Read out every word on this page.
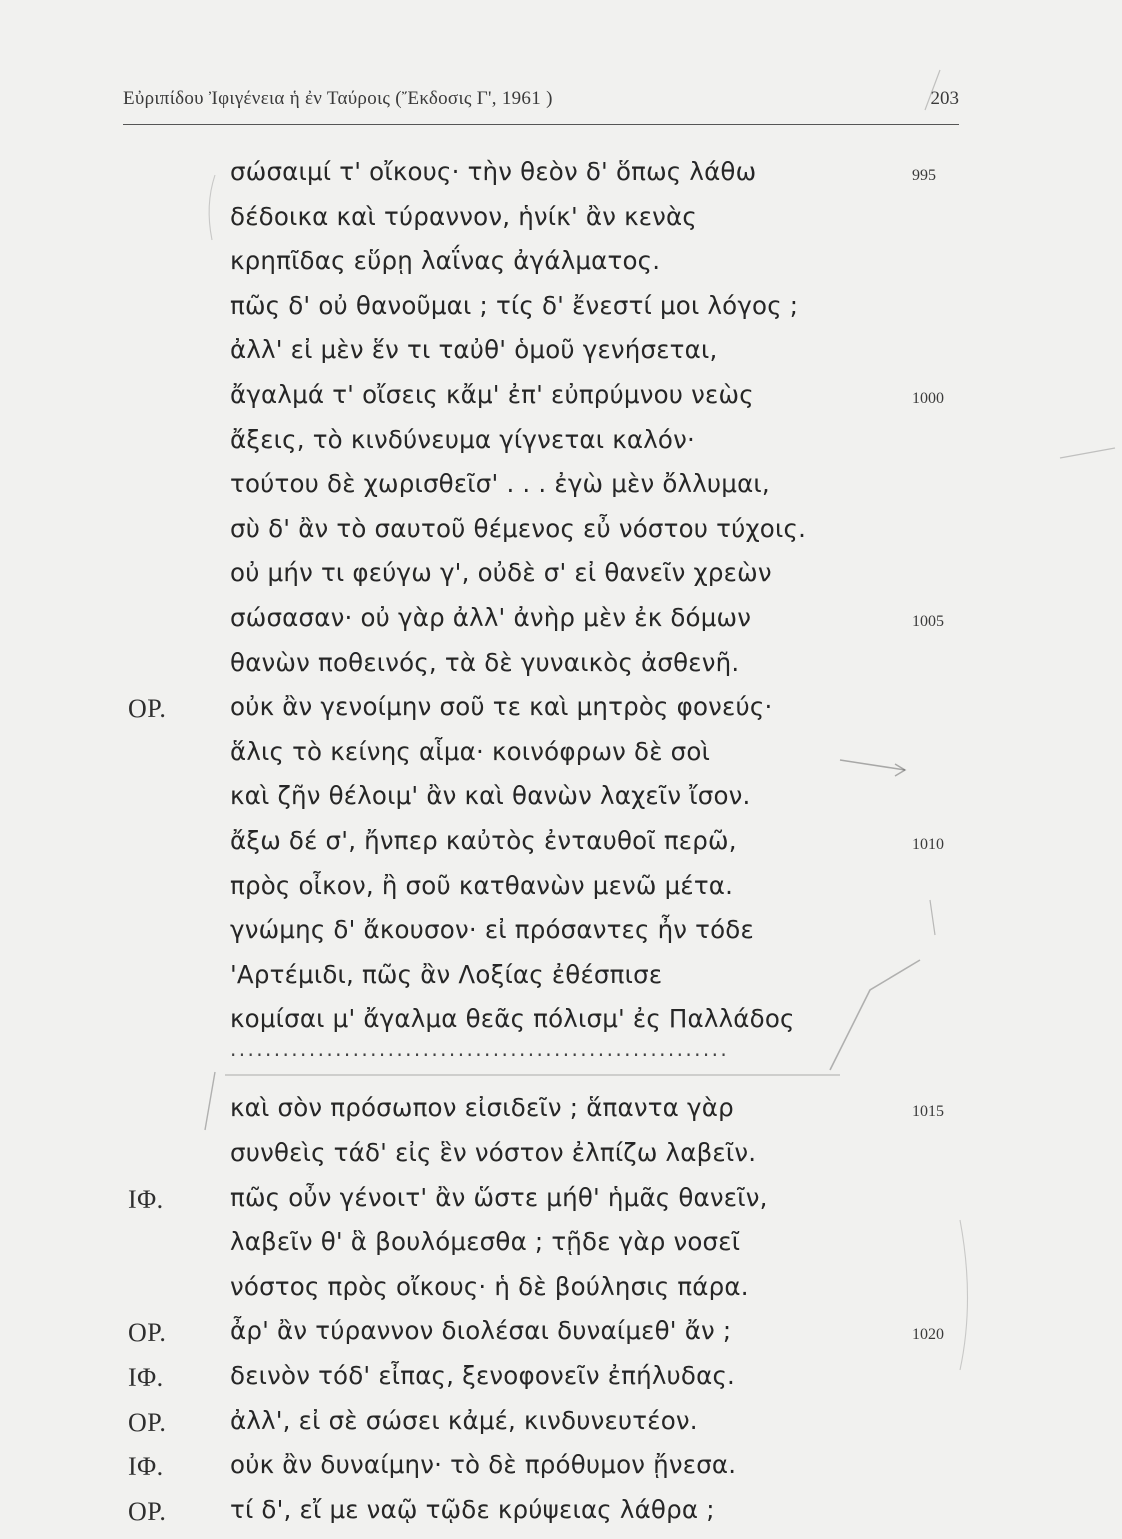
Εὐριπίδου Ἰφιγένεια ἡ ἐν Ταύροις (Ἔκδοσις Γ', 1961 )	203
σώσαιμί τ' οἴκους· τὴν θεὸν δ' ὅπως λάθω	995
δέδοικα καὶ τύραννον, ἡνίκ' ἂν κενὰς
κρηπῖδας εὕρῃ λαΐνας ἀγάλματος.
πῶς δ' οὐ θανοῦμαι ; τίς δ' ἔνεστί μοι λόγος ;
ἀλλ' εἰ μὲν ἕν τι ταὐθ' ὁμοῦ γενήσεται,
ἄγαλμά τ' οἴσεις κἄμ' ἐπ' εὐπρύμνου νεὼς	1000
ἄξεις, τὸ κινδύνευμα γίγνεται καλόν·
τούτου δὲ χωρισθεῖσ' . . . ἐγὼ μὲν ὄλλυμαι,
σὺ δ' ἂν τὸ σαυτοῦ θέμενος εὖ νόστου τύχοις.
οὐ μήν τι φεύγω γ', οὐδὲ σ' εἰ θανεῖν χρεὼν
σώσασαν· οὐ γὰρ ἀλλ' ἀνὴρ μὲν ἐκ δόμων	1005
θανὼν ποθεινός, τὰ δὲ γυναικὸς ἀσθενῆ.
ΟΡ.	οὐκ ἂν γενοίμην σοῦ τε καὶ μητρὸς φονεύς·
ἅλις τὸ κείνης αἷμα· κοινόφρων δὲ σοὶ
καὶ ζῆν θέλοιμ' ἂν καὶ θανὼν λαχεῖν ἴσον.
ἄξω δέ σ', ἤνπερ καὐτὸς ἐνταυθοῖ περῶ,	1010
πρὸς οἶκον, ἢ σοῦ κατθανὼν μενῶ μέτα.
γνώμης δ' ἄκουσον· εἰ πρόσαντες ἦν τόδε
'Αρτέμιδι, πῶς ἂν Λοξίας ἐθέσπισε
κομίσαι μ' ἄγαλμα θεᾶς πόλισμ' ἐς Παλλάδος
.........................................................
καὶ σὸν πρόσωπον εἰσιδεῖν ; ἅπαντα γὰρ	1015
συνθεὶς τάδ' εἰς ἓν νόστον ἐλπίζω λαβεῖν.
ΙΦ.	πῶς οὖν γένοιτ' ἂν ὥστε μήθ' ἡμᾶς θανεῖν,
λαβεῖν θ' ἃ βουλόμεσθα ; τῇδε γὰρ νοσεῖ
νόστος πρὸς οἴκους· ἡ δὲ βούλησις πάρα.
ΟΡ.	ἆρ' ἂν τύραννον διολέσαι δυναίμεθ' ἄν ;	1020
ΙΦ.	δεινὸν τόδ' εἶπας, ξενοφονεῖν ἐπήλυδας.
ΟΡ.	ἀλλ', εἰ σὲ σώσει κἀμέ, κινδυνευτέον.
ΙΦ.	οὐκ ἂν δυναίμην· τὸ δὲ πρόθυμον ᾔνεσα.
ΟΡ.	τί δ', εἴ με ναῷ τῷδε κρύψειας λάθρα ;
